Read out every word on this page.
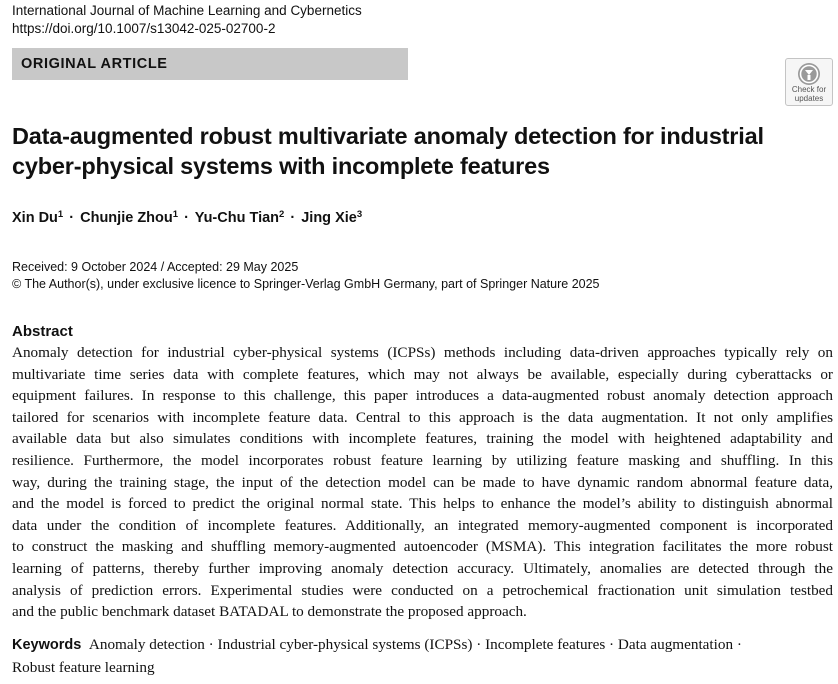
International Journal of Machine Learning and Cybernetics
https://doi.org/10.1007/s13042-025-02700-2
ORIGINAL ARTICLE
Check for
updates
Data-augmented robust multivariate anomaly detection for industrial
cyber-physical systems with incomplete features
Xin $Du^1$ · Chunjie Zhou$^1$ · Yu-Chu Tian$^2$ · Jing Xie$^3$
Received: 9 October 2024 / Accepted: 29 May 2025
© The Author(s), under exclusive licence to Springer-Verlag GmbH Germany, part of Springer Nature 2025
Abstract

Anomaly detection for industrial cyber-physical systems (ICPSs) methods including data-driven approaches typically rely on
multivariate time series data with complete features, which may not always be available, especially during cyberattacks or
equipment failures. In response to this challenge, this paper introduces a data-augmented robust anomaly detection approach
tailored for scenarios with incomplete feature data. Central to this approach is the data augmentation. It not only amplifies
available data but also simulates conditions with incomplete features, training the model with heightened adaptability and
resilience. Furthermore, the model incorporates robust feature learning by utilizing feature masking and shuffling. In this
way, during the training stage, the input of the detection model can be made to have dynamic random abnormal feature data,
and the model is forced to predict the original normal state. This helps to enhance the model’s ability to distinguish abnormal
data under the condition of incomplete features. Additionally, an integrated memory-augmented component is incorporated
to construct the masking and shuffling memory-augmented autoencoder (MSMA). This integration facilitates the more robust
learning of patterns, thereby further improving anomaly detection accuracy. Ultimately, anomalies are detected through the
analysis of prediction errors. Experimental studies were conducted on a petrochemical fractionation unit simulation testbed
and the public benchmark dataset BATADAL to demonstrate the proposed approach.

Keywords Anomaly detection · Industrial cyber-physical systems (ICPSs) · Incomplete features · Data augmentation ·
Robust feature learning
